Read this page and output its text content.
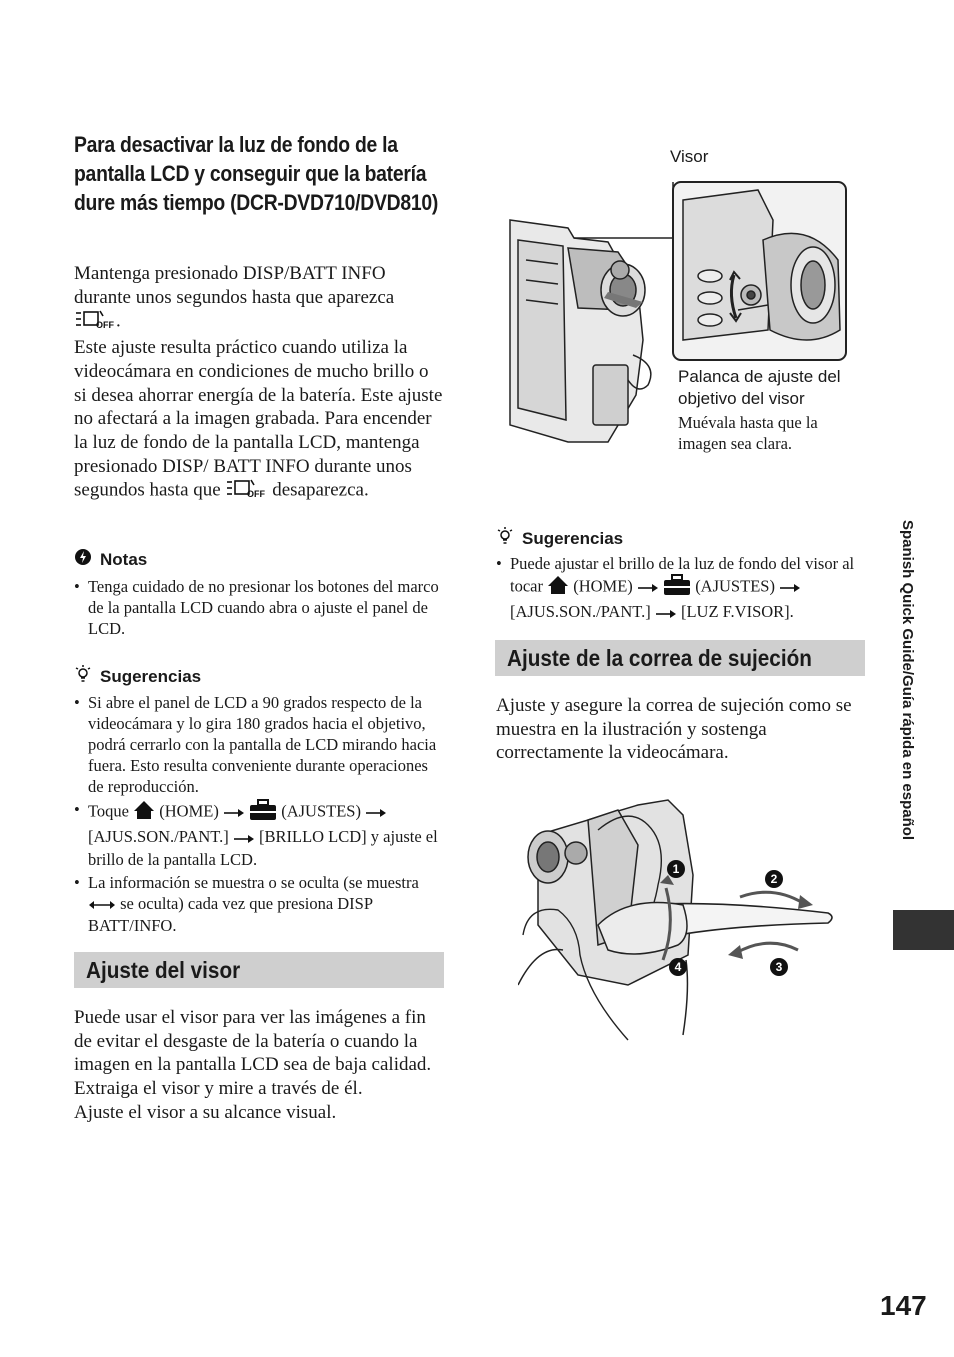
Para desactivar la luz de fondo de la pantalla LCD y conseguir que la batería dure más tiempo (DCR-DVD710/DVD810)
Mantenga presionado DISP/BATT INFO durante unos segundos hasta que aparezca

OFF .
Este ajuste resulta práctico cuando utiliza la videocámara en condiciones de mucho brillo o si desea ahorrar energía de la batería. Este ajuste no afectará a la imagen grabada. Para encender la luz de fondo de la pantalla LCD, mantenga presionado DISP/ BATT INFO durante unos segundos hasta que	OFF desaparezca.
Notas
• Tenga cuidado de no presionar los botones del marco de la pantalla LCD cuando abra o ajuste el panel de LCD.
Sugerencias
• Si abre el panel de LCD a 90 grados respecto de la videocámara y lo gira 180 grados hacia el objetivo, podrá cerrarlo con la pantalla de LCD mirando hacia fuera. Esto resulta conveniente durante operaciones de reproducción.
• Toque (HOME)	(AJUSTES)  [AJUS.SON./PANT.] [BRILLO LCD] y ajuste el brillo de la pantalla LCD.
• La información se muestra o se oculta (se muestra  se oculta) cada vez que presiona DISP BATT/INFO.
Ajuste del visor
Puede usar el visor para ver las imágenes a fin de evitar el desgaste de la batería o cuando la imagen en la pantalla LCD sea de baja calidad.
Extraiga el visor y mire a través de él.
Ajuste el visor a su alcance visual.
Visor
Palanca de ajuste del objetivo del visor
Muévala hasta que la imagen sea clara.
Sugerencias
• Puede ajustar el brillo de la luz de fondo del visor al tocar (HOME)	(AJUSTES)  [AJUS.SON./PANT.] [LUZ F.VISOR].
Ajuste de la correa de sujeción
Ajuste y asegure la correa de sujeción como se muestra en la ilustración y sostenga correctamente la videocámara.
1
2
3
4
Spanish Quick Guide/Guía rápida en español
147
